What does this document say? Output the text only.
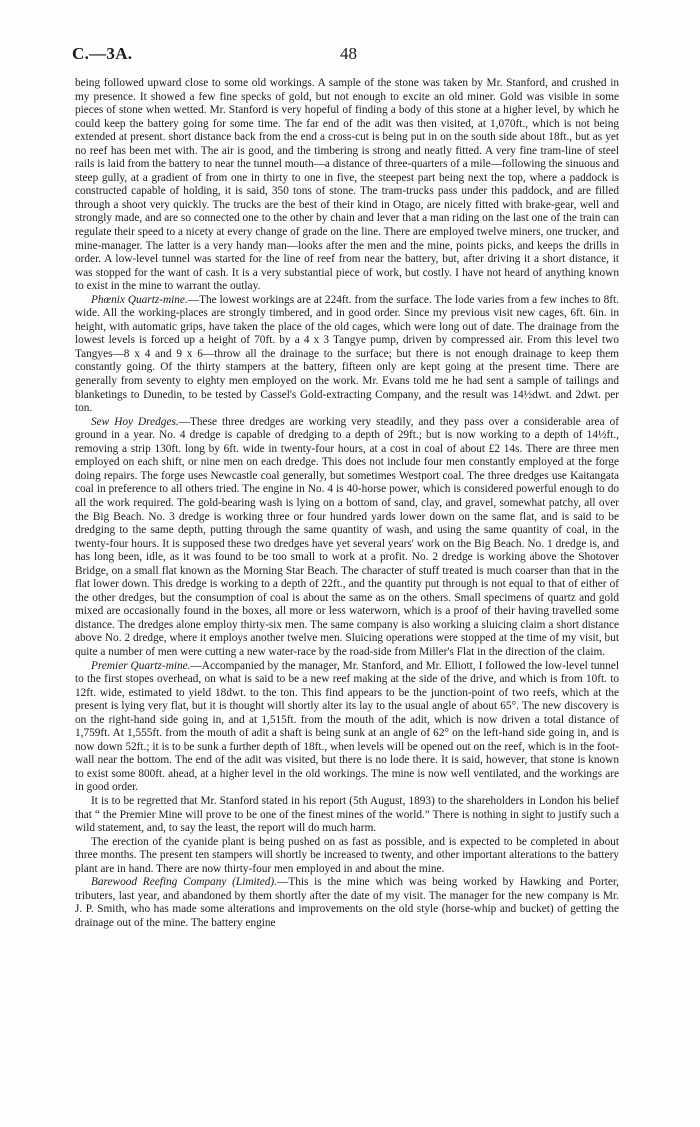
C.—3A.	48

being followed upward close to some old workings. A sample of the stone was taken by Mr. Stanford, and crushed in my presence. It showed a few fine specks of gold, but not enough to excite an old miner. Gold was visible in some pieces of stone when wetted. Mr. Stanford is very hopeful of finding a body of this stone at a higher level, by which he could keep the battery going for some time. The far end of the adit was then visited, at 1,070ft., which is not being extended at present. short distance back from the end a cross-cut is being put in on the south side about 18ft., but as yet no reef has been met with. The air is good, and the timbering is strong and neatly fitted. A very fine tram-line of steel rails is laid from the battery to near the tunnel mouth—a distance of three-quarters of a mile—following the sinuous and steep gully, at a gradient of from one in thirty to one in five, the steepest part being next the top, where a paddock is constructed capable of holding, it is said, 350 tons of stone. The tram-trucks pass under this paddock, and are filled through a shoot very quickly. The trucks are the best of their kind in Otago, are nicely fitted with brake-gear, well and strongly made, and are so connected one to the other by chain and lever that a man riding on the last one of the train can regulate their speed to a nicety at every change of grade on the line. There are employed twelve miners, one trucker, and mine-manager. The latter is a very handy man—looks after the men and the mine, points picks, and keeps the drills in order. A low-level tunnel was started for the line of reef from near the battery, but, after driving it a short distance, it was stopped for the want of cash. It is a very substantial piece of work, but costly. I have not heard of anything known to exist in the mine to warrant the outlay.

Phœnix Quartz-mine.—The lowest workings are at 224ft. from the surface. The lode varies from a few inches to 8ft. wide. All the working-places are strongly timbered, and in good order. Since my previous visit new cages, 6ft. 6in. in height, with automatic grips, have taken the place of the old cages, which were long out of date. The drainage from the lowest levels is forced up a height of 70ft. by a 4 x 3 Tangye pump, driven by compressed air. From this level two Tangyes—8 x 4 and 9 x 6—throw all the drainage to the surface; but there is not enough drainage to keep them constantly going. Of the thirty stampers at the battery, fifteen only are kept going at the present time. There are generally from seventy to eighty men employed on the work. Mr. Evans told me he had sent a sample of tailings and blanketings to Dunedin, to be tested by Cassel's Gold-extracting Company, and the result was 14½dwt. and 2dwt. per ton.

Sew Hoy Dredges.—These three dredges are working very steadily, and they pass over a considerable area of ground in a year. No. 4 dredge is capable of dredging to a depth of 29ft.; but is now working to a depth of 14½ft., removing a strip 130ft. long by 6ft. wide in twenty-four hours, at a cost in coal of about £2 14s. There are three men employed on each shift, or nine men on each dredge. This does not include four men constantly employed at the forge doing repairs. The forge uses Newcastle coal generally, but sometimes Westport coal. The three dredges use Kaitangata coal in preference to all others tried. The engine in No. 4 is 40-horse power, which is considered powerful enough to do all the work required. The gold-bearing wash is lying on a bottom of sand, clay, and gravel, somewhat patchy, all over the Big Beach. No. 3 dredge is working three or four hundred yards lower down on the same flat, and is said to be dredging to the same depth, putting through the same quantity of wash, and using the same quantity of coal, in the twenty-four hours. It is supposed these two dredges have yet several years' work on the Big Beach. No. 1 dredge is, and has long been, idle, as it was found to be too small to work at a profit. No. 2 dredge is working above the Shotover Bridge, on a small flat known as the Morning Star Beach. The character of stuff treated is much coarser than that in the flat lower down. This dredge is working to a depth of 22ft., and the quantity put through is not equal to that of either of the other dredges, but the consumption of coal is about the same as on the others. Small specimens of quartz and gold mixed are occasionally found in the boxes, all more or less waterworn, which is a proof of their having travelled some distance. The dredges alone employ thirty-six men. The same company is also working a sluicing claim a short distance above No. 2 dredge, where it employs another twelve men. Sluicing operations were stopped at the time of my visit, but quite a number of men were cutting a new water-race by the road-side from Miller's Flat in the direction of the claim.

Premier Quartz-mine.—Accompanied by the manager, Mr. Stanford, and Mr. Elliott, I followed the low-level tunnel to the first stopes overhead, on what is said to be a new reef making at the side of the drive, and which is from 10ft. to 12ft. wide, estimated to yield 18dwt. to the ton. This find appears to be the junction-point of two reefs, which at the present is lying very flat, but it is thought will shortly alter its lay to the usual angle of about 65°. The new discovery is on the right-hand side going in, and at 1,515ft. from the mouth of the adit, which is now driven a total distance of 1,759ft. At 1,555ft. from the mouth of adit a shaft is being sunk at an angle of 62° on the left-hand side going in, and is now down 52ft.; it is to be sunk a further depth of 18ft., when levels will be opened out on the reef, which is in the foot-wall near the bottom. The end of the adit was visited, but there is no lode there. It is said, however, that stone is known to exist some 800ft. ahead, at a higher level in the old workings. The mine is now well ventilated, and the workings are in good order.

It is to be regretted that Mr. Stanford stated in his report (5th August, 1893) to the shareholders in London his belief that “ the Premier Mine will prove to be one of the finest mines of the world.” There is nothing in sight to justify such a wild statement, and, to say the least, the report will do much harm.

The erection of the cyanide plant is being pushed on as fast as possible, and is expected to be completed in about three months. The present ten stampers will shortly be increased to twenty, and other important alterations to the battery plant are in hand. There are now thirty-four men employed in and about the mine.

Barewood Reefing Company (Limited).—This is the mine which was being worked by Hawking and Porter, tributers, last year, and abandoned by them shortly after the date of my visit. The manager for the new company is Mr. J. P. Smith, who has made some alterations and improvements on the old style (horse-whip and bucket) of getting the drainage out of the mine. The battery engine
